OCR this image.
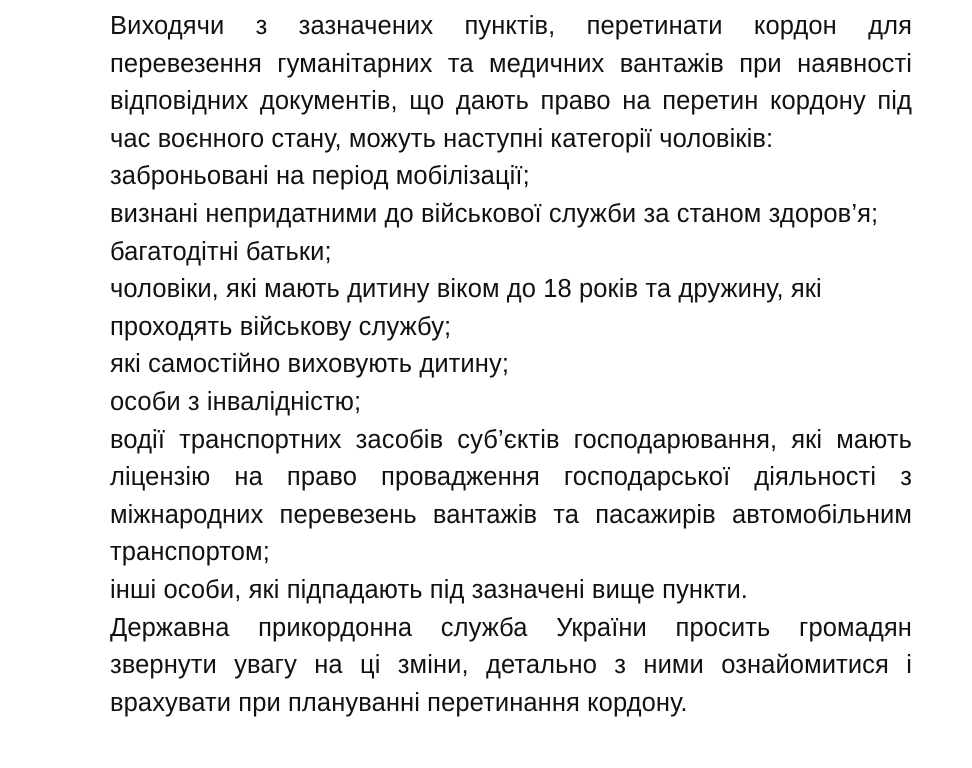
Виходячи з зазначених пунктів, перетинати кордон для перевезення гуманітарних та медичних вантажів при наявності відповідних документів, що дають право на перетин кордону під час воєнного стану, можуть наступні категорії чоловіків:

заброньовані на період мобілізації;

визнані непридатними до військової служби за станом здоров’я;

багатодітні батьки;

чоловіки, які мають дитину віком до 18 років та дружину, які проходять військову службу;

які самостійно виховують дитину;

особи з інвалідністю;

водії транспортних засобів суб’єктів господарювання, які мають ліцензію на право провадження господарської діяльності з міжнародних перевезень вантажів та пасажирів автомобільним транспортом;

інші особи, які підпадають під зазначені вище пункти.

Державна прикордонна служба України просить громадян звернути увагу на ці зміни, детально з ними ознайомитися і врахувати при плануванні перетинання кордону.
